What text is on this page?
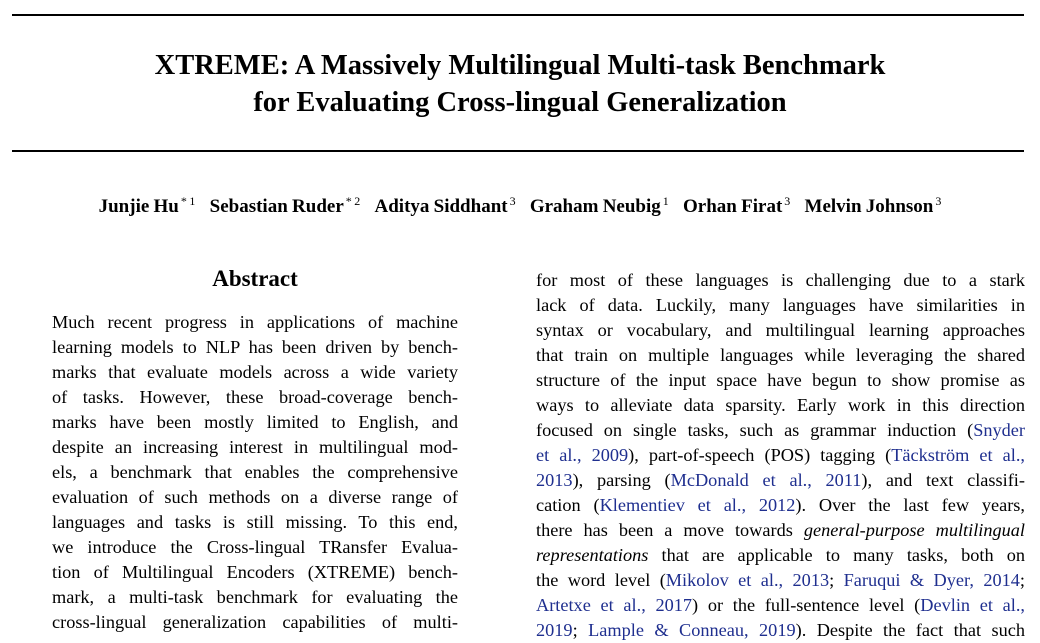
XTREME: A Massively Multilingual Multi-task Benchmark
for Evaluating Cross-lingual Generalization
Junjie Hu $^{* 1}$ Sebastian Ruder $^{* 2}$ Aditya Siddhant $^3$ Graham Neubig $^1$ Orhan Firat $^3$ Melvin Johnson $^3$
Abstract
Much recent progress in applications of machine
learning models to NLP has been driven by bench-
marks that evaluate models across a wide variety
of tasks. However, these broad-coverage bench-
marks have been mostly limited to English, and
despite an increasing interest in multilingual mod-
els, a benchmark that enables the comprehensive
evaluation of such methods on a diverse range of
languages and tasks is still missing. To this end,
we introduce the Cross-lingual TRansfer Evalua-
tion of Multilingual Encoders (XTREME) bench-
mark, a multi-task benchmark for evaluating the
cross-lingual generalization capabilities of multi-
for most of these languages is challenging due to a stark
lack of data. Luckily, many languages have similarities in
syntax or vocabulary, and multilingual learning approaches
that train on multiple languages while leveraging the shared
structure of the input space have begun to show promise as
ways to alleviate data sparsity. Early work in this direction
focused on single tasks, such as grammar induction (Snyder
et al., 2009), part-of-speech (POS) tagging (Täckström et al.,
2013), parsing (McDonald et al., 2011), and text classifi-
cation (Klementiev et al., 2012). Over the last few years,
there has been a move towards general-purpose multilingual
representations that are applicable to many tasks, both on
the word level (Mikolov et al., 2013; Faruqui & Dyer, 2014;
Artetxe et al., 2017) or the full-sentence level (Devlin et al.,
2019; Lample & Conneau, 2019). Despite the fact that such
